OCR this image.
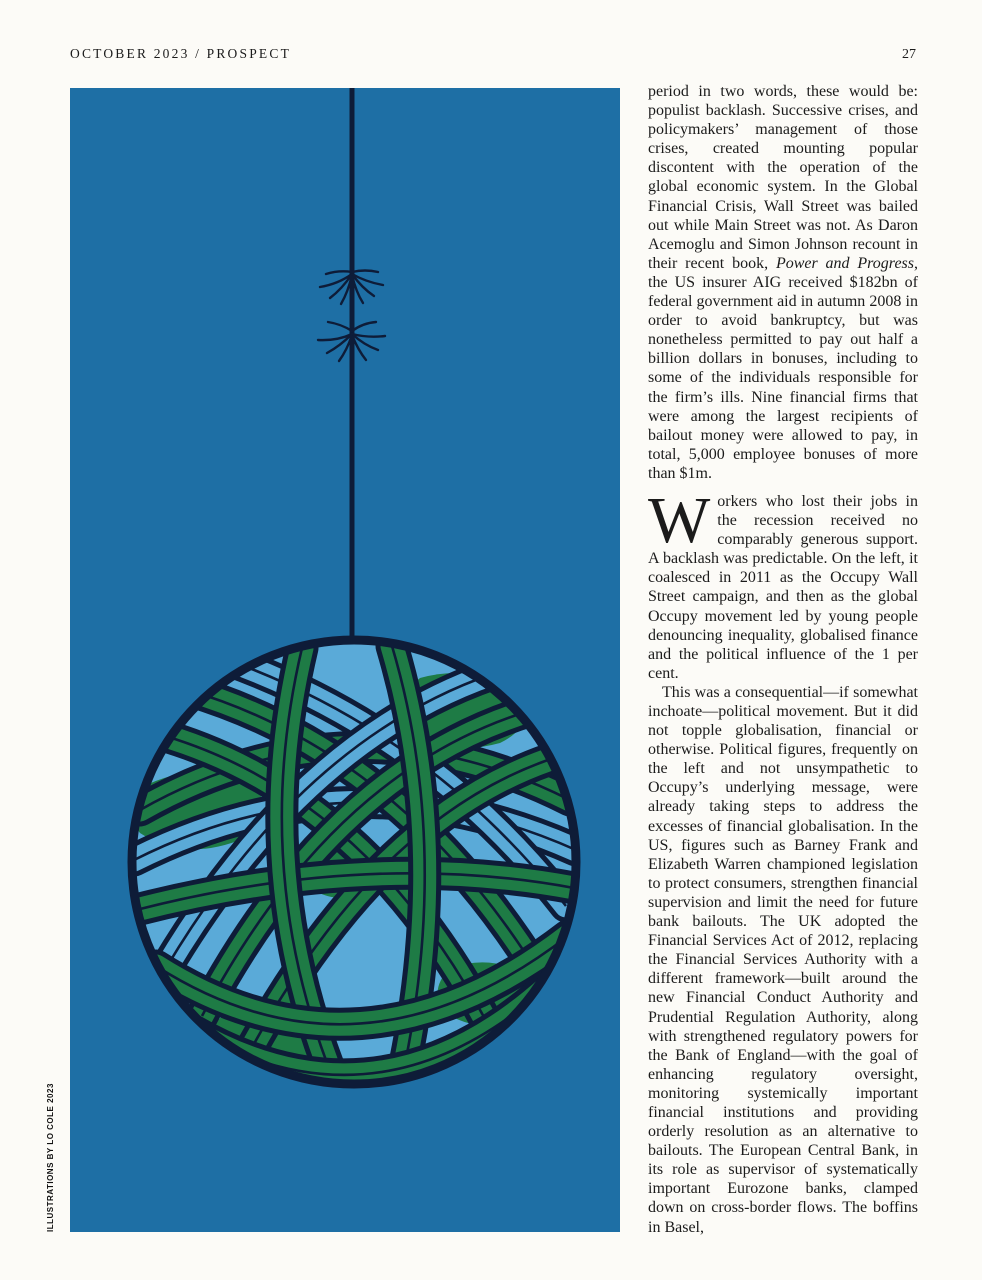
OCTOBER 2023 / PROSPECT	27
ILLUSTRATIONS BY LO COLE 2023

period in two words, these would be: populist backlash. Successive crises, and policymakers’ management of those crises, created mounting popular discontent with the operation of the global economic system. In the Global Financial Crisis, Wall Street was bailed out while Main Street was not. As Daron Acemoglu and Simon Johnson recount in their recent book, Power and Progress, the US insurer AIG received $182bn of federal government aid in autumn 2008 in order to avoid bankruptcy, but was nonetheless permitted to pay out half a billion dollars in bonuses, including to some of the individuals responsible for the firm’s ills. Nine financial firms that were among the largest recipients of bailout money were allowed to pay, in total, 5,000 employee bonuses of more than $1m.

Workers who lost their jobs in the recession received no comparably generous support. A backlash was predictable. On the left, it coalesced in 2011 as the Occupy Wall Street campaign, and then as the global Occupy movement led by young people denouncing inequality, globalised finance and the political influence of the 1 per cent.

This was a consequential—if somewhat inchoate—political movement. But it did not topple globalisation, financial or otherwise. Political figures, frequently on the left and not unsympathetic to Occupy’s underlying message, were already taking steps to address the excesses of financial globalisation. In the US, figures such as Barney Frank and Elizabeth Warren championed legislation to protect consumers, strengthen financial supervision and limit the need for future bank bailouts. The UK adopted the Financial Services Act of 2012, replacing the Financial Services Authority with a different framework—built around the new Financial Conduct Authority and Prudential Regulation Authority, along with strengthened regulatory powers for the Bank of England—with the goal of enhancing regulatory oversight, monitoring systemically important financial institutions and providing orderly resolution as an alternative to bailouts. The European Central Bank, in its role as supervisor of systematically important Eurozone banks, clamped down on cross-border flows. The boffins in Basel,
